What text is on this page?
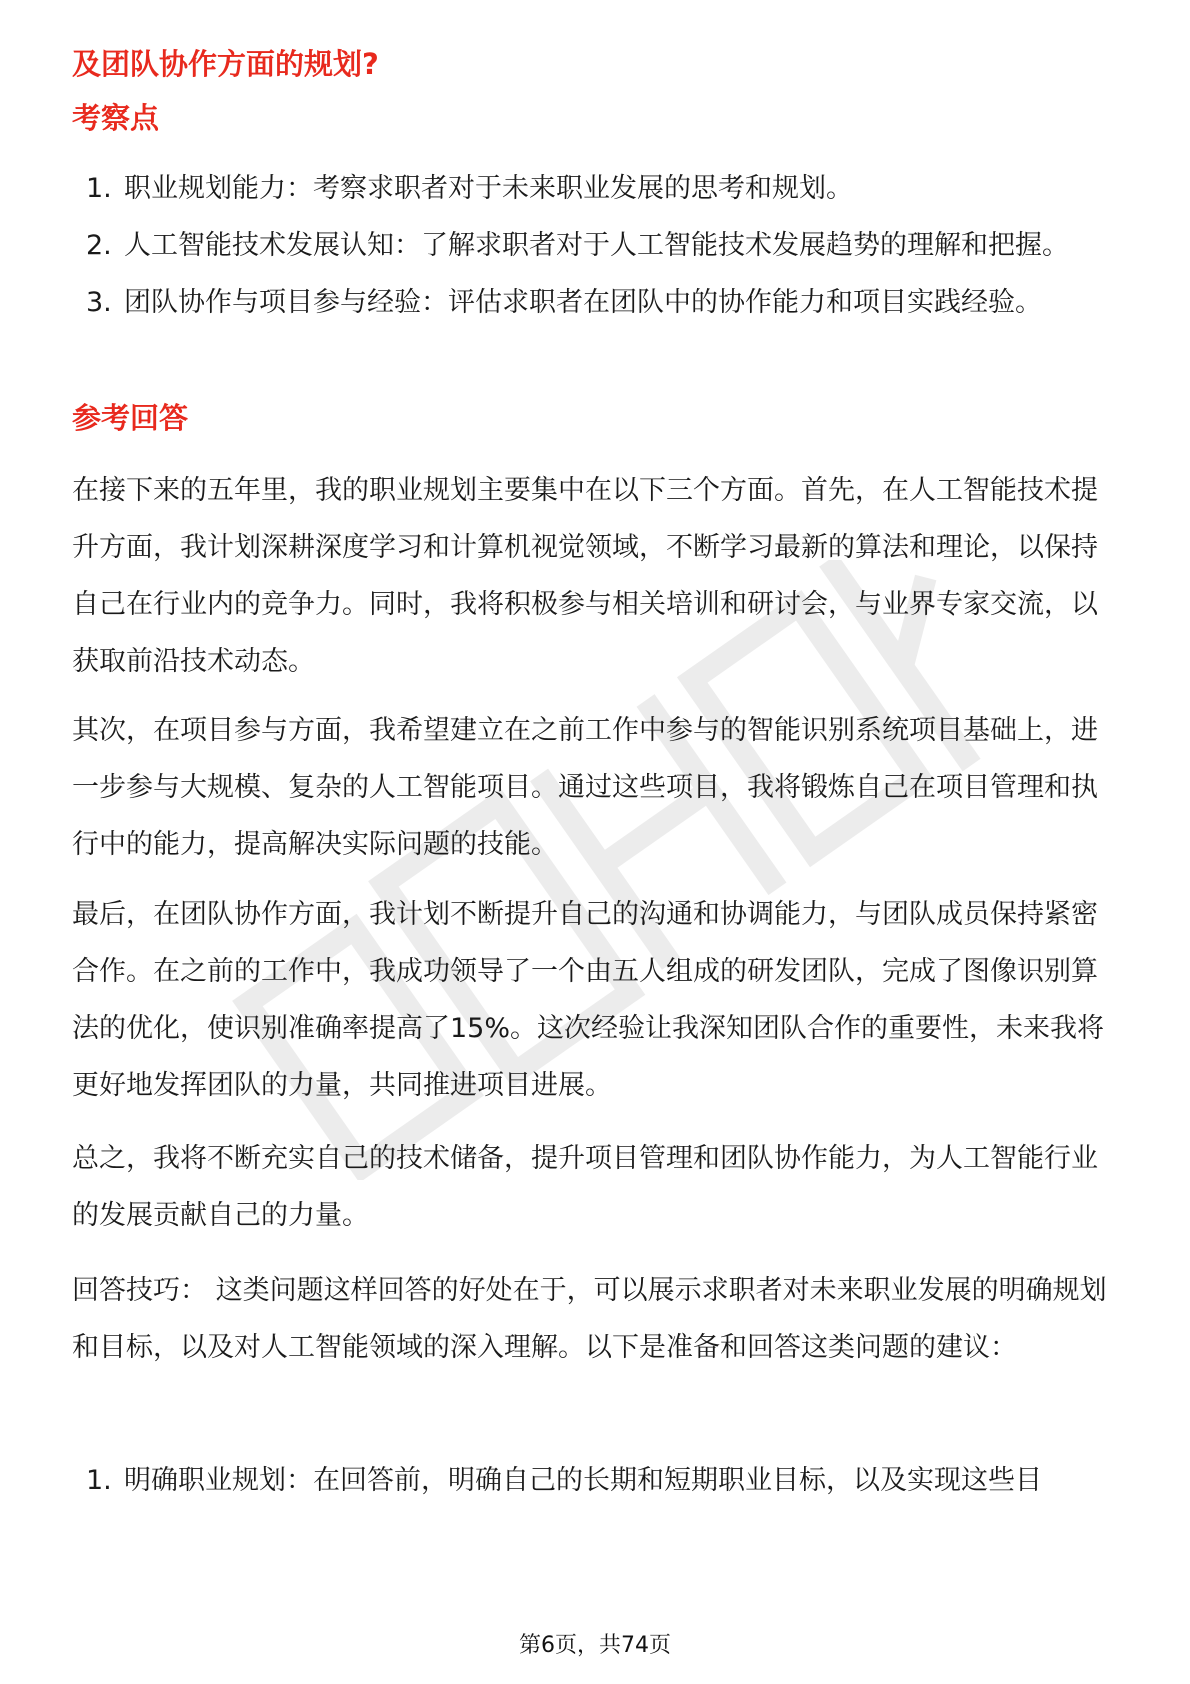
及团队协作方面的规划?
考察点
1. 职业规划能力：考察求职者对于未来职业发展的思考和规划。
2. 人工智能技术发展认知：了解求职者对于人工智能技术发展趋势的理解和把握。
3. 团队协作与项目参与经验：评估求职者在团队中的协作能力和项目实践经验。
参考回答

在接下来的五年里，我的职业规划主要集中在以下三个方面。首先，在人工智能技术提升方面，我计划深耕深度学习和计算机视觉领域，不断学习最新的算法和理论，以保持自己在行业内的竞争力。同时，我将积极参与相关培训和研讨会，与业界专家交流，以获取前沿技术动态。

其次，在项目参与方面，我希望建立在之前工作中参与的智能识别系统项目基础上，进一步参与大规模、复杂的人工智能项目。通过这些项目，我将锻炼自己在项目管理和执行中的能力，提高解决实际问题的技能。

最后，在团队协作方面，我计划不断提升自己的沟通和协调能力，与团队成员保持紧密合作。在之前的工作中，我成功领导了一个由五人组成的研发团队，完成了图像识别算法的优化，使识别准确率提高了15%。这次经验让我深知团队合作的重要性，未来我将更好地发挥团队的力量，共同推进项目进展。

总之，我将不断充实自己的技术储备，提升项目管理和团队协作能力，为人工智能行业的发展贡献自己的力量。

回答技巧： 这类问题这样回答的好处在于，可以展示求职者对未来职业发展的明确规划和目标，以及对人工智能领域的深入理解。以下是准备和回答这类问题的建议：

1. 明确职业规划：在回答前，明确自己的长期和短期职业目标，以及实现这些目
第6页，共74页
